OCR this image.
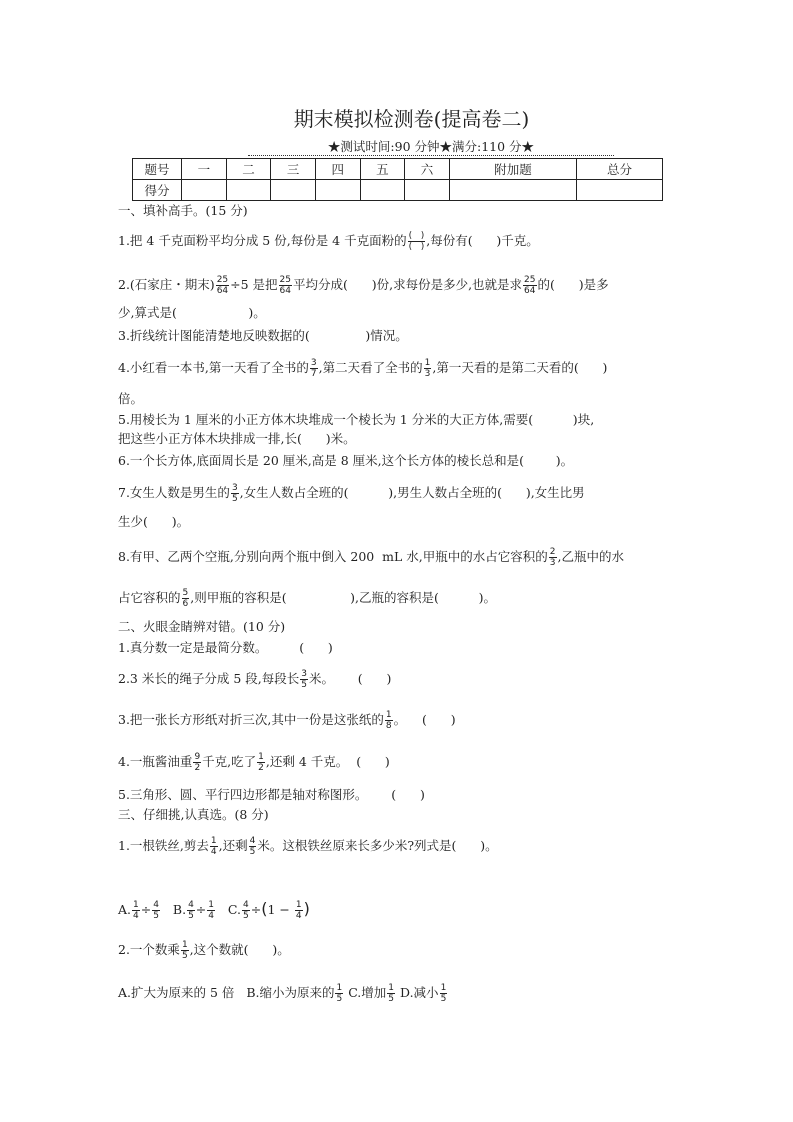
期末模拟检测卷(提高卷二)
★测试时间:90 分钟★满分:110 分★
题号	一	二	三	四	五	六	附加题	总分
得分								
一、填补高手。(15 分)
1.把 4 千克面粉平均分成 5 份,每份是 4 千克面粉的 $\frac{( )}{( )}$ ,每份有(      )千克。
2.(石家庄・期末) $\frac{25}{64} \div 5$ 是把 $\frac{25}{64}$ 平均分成(      )份,求每份是多少,也就是求 $\frac{25}{64}$ 的(      )是多
少,算式是(                  )。
3.折线统计图能清楚地反映数据的(              )情况。
4.小红看一本书,第一天看了全书的 $\frac{3}{7}$ ,第二天看了全书的 $\frac{1}{3}$ ,第一天看的是第二天看的(      )
倍。
5.用棱长为 1 厘米的小正方体木块堆成一个棱长为 1 分米的大正方体,需要(          )块,
把这些小正方体木块排成一排,长(      )米。
6.一个长方体,底面周长是 20 厘米,高是 8 厘米,这个长方体的棱长总和是(        )。
7.女生人数是男生的 $\frac{3}{5}$ ,女生人数占全班的(          ),男生人数占全班的(      ),女生比男
生少(      )。
8.有甲、乙两个空瓶,分别向两个瓶中倒入 200  mL 水,甲瓶中的水占它容积的 $\frac{2}{3}$ ,乙瓶中的水
占它容积的 $\frac{5}{6}$ ,则甲瓶的容积是(                ),乙瓶的容积是(          )。
二、火眼金睛辨对错。(10 分)
1.真分数一定是最简分数。        (      )
2.3 米长的绳子分成 5 段,每段长 $\frac{3}{5}$ 米。      (      )
3.把一张长方形纸对折三次,其中一份是这张纸的 $\frac{1}{8}$ 。    (      )
4.一瓶酱油重 $\frac{9}{2}$ 千克,吃了 $\frac{1}{2}$ ,还剩 4 千克。  (      )
5.三角形、圆、平行四边形都是轴对称图形。      (      )
三、仔细挑,认真选。(8 分)
1.一根铁丝,剪去 $\frac{1}{4}$ ,还剩 $\frac{4}{5}$ 米。这根铁丝原来长多少米?列式是(      )。
A. $\frac{1}{4} \div \frac{4}{5} B$. $\frac{4}{5} \div \frac{1}{4} C$. $\frac{4}{5} \div(1 - \frac{1}{4}$ )
2.一个数乘 $\frac{1}{5}$ ,这个数就(      )。
A.扩大为原来的 5 倍   B.缩小为原来的 $\frac{1}{5} C$.增加 $\frac{1}{5} D$.减小 $\frac{1}{5}$
